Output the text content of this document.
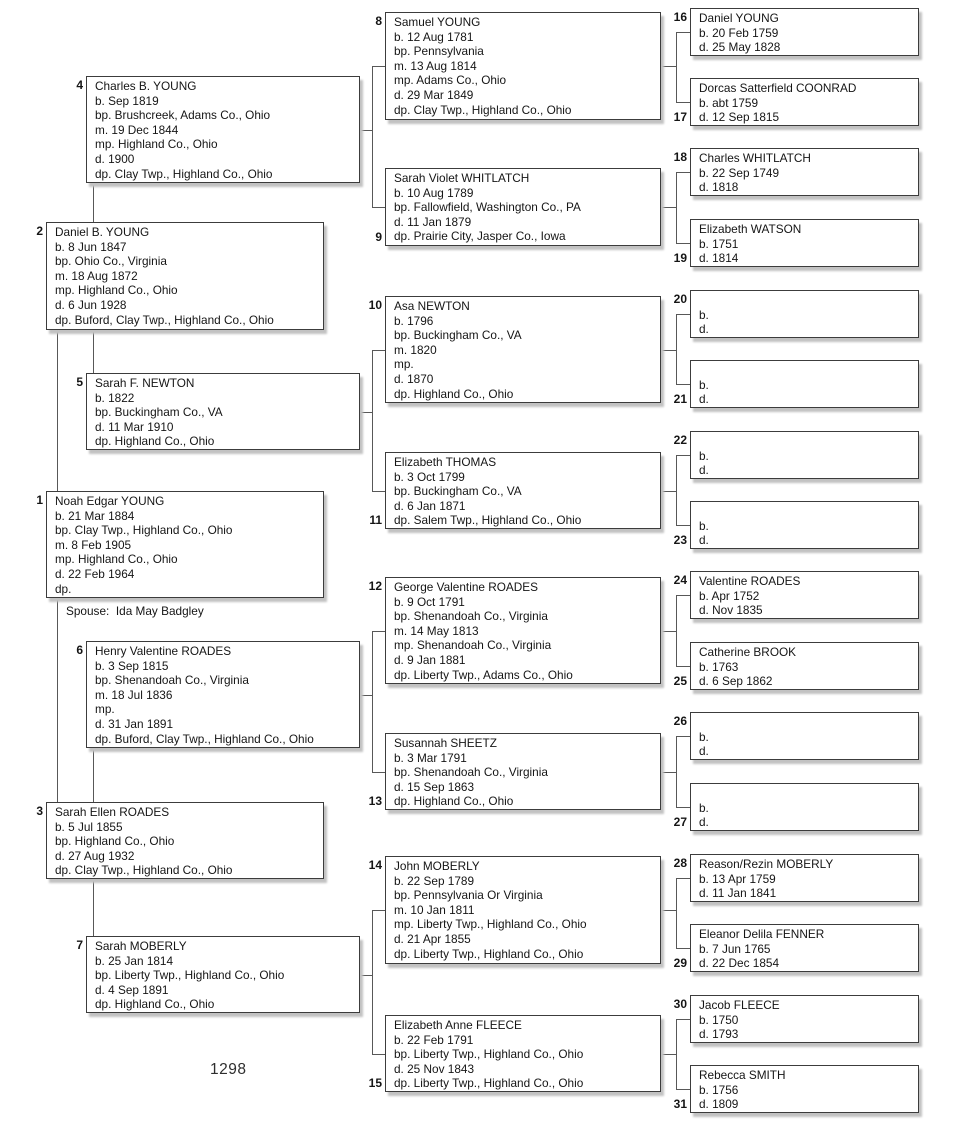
Spouse: Ida May Badgley
1298
Noah Edgar YOUNG
b. 21 Mar 1884
bp. Clay Twp., Highland Co., Ohio
m. 8 Feb 1905
mp. Highland Co., Ohio
d. 22 Feb 1964
dp.
1
Daniel B. YOUNG
b. 8 Jun 1847
bp. Ohio Co., Virginia
m. 18 Aug 1872
mp. Highland Co., Ohio
d. 6 Jun 1928
dp. Buford, Clay Twp., Highland Co., Ohio
2
Sarah Ellen ROADES
b. 5 Jul 1855
bp. Highland Co., Ohio
d. 27 Aug 1932
dp. Clay Twp., Highland Co., Ohio
3
Charles B. YOUNG
b. Sep 1819
bp. Brushcreek, Adams Co., Ohio
m. 19 Dec 1844
mp. Highland Co., Ohio
d. 1900
dp. Clay Twp., Highland Co., Ohio
4
Sarah F. NEWTON
b. 1822
bp. Buckingham Co., VA
d. 11 Mar 1910
dp. Highland Co., Ohio
5
Henry Valentine ROADES
b. 3 Sep 1815
bp. Shenandoah Co., Virginia
m. 18 Jul 1836
mp.
d. 31 Jan 1891
dp. Buford, Clay Twp., Highland Co., Ohio
6
Sarah MOBERLY
b. 25 Jan 1814
bp. Liberty Twp., Highland Co., Ohio
d. 4 Sep 1891
dp. Highland Co., Ohio
7
Samuel YOUNG
b. 12 Aug 1781
bp. Pennsylvania
m. 13 Aug 1814
mp. Adams Co., Ohio
d. 29 Mar 1849
dp. Clay Twp., Highland Co., Ohio
8
Sarah Violet WHITLATCH
b. 10 Aug 1789
bp. Fallowfield, Washington Co., PA
d. 11 Jan 1879
dp. Prairie City, Jasper Co., Iowa
9
Asa NEWTON
b. 1796
bp. Buckingham Co., VA
m. 1820
mp.
d. 1870
dp. Highland Co., Ohio
10
Elizabeth THOMAS
b. 3 Oct 1799
bp. Buckingham Co., VA
d. 6 Jan 1871
dp. Salem Twp., Highland Co., Ohio
11
George Valentine ROADES
b. 9 Oct 1791
bp. Shenandoah Co., Virginia
m. 14 May 1813
mp. Shenandoah Co., Virginia
d. 9 Jan 1881
dp. Liberty Twp., Adams Co., Ohio
12
Susannah SHEETZ
b. 3 Mar 1791
bp. Shenandoah Co., Virginia
d. 15 Sep 1863
dp. Highland Co., Ohio
13
John MOBERLY
b. 22 Sep 1789
bp. Pennsylvania Or Virginia
m. 10 Jan 1811
mp. Liberty Twp., Highland Co., Ohio
d. 21 Apr 1855
dp. Liberty Twp., Highland Co., Ohio
14
Elizabeth Anne FLEECE
b. 22 Feb 1791
bp. Liberty Twp., Highland Co., Ohio
d. 25 Nov 1843
dp. Liberty Twp., Highland Co., Ohio
15
Daniel YOUNG
b. 20 Feb 1759
d. 25 May 1828
16
Dorcas Satterfield COONRAD
b. abt 1759
d. 12 Sep 1815
17
Charles WHITLATCH
b. 22 Sep 1749
d. 1818
18
Elizabeth WATSON
b. 1751
d. 1814
19
b.
d.
20
b.
d.
21
b.
d.
22
b.
d.
23
Valentine ROADES
b. Apr 1752
d. Nov 1835
24
Catherine BROOK
b. 1763
d. 6 Sep 1862
25
b.
d.
26
b.
d.
27
Reason/Rezin MOBERLY
b. 13 Apr 1759
d. 11 Jan 1841
28
Eleanor Delila FENNER
b. 7 Jun 1765
d. 22 Dec 1854
29
Jacob FLEECE
b. 1750
d. 1793
30
Rebecca SMITH
b. 1756
d. 1809
31
